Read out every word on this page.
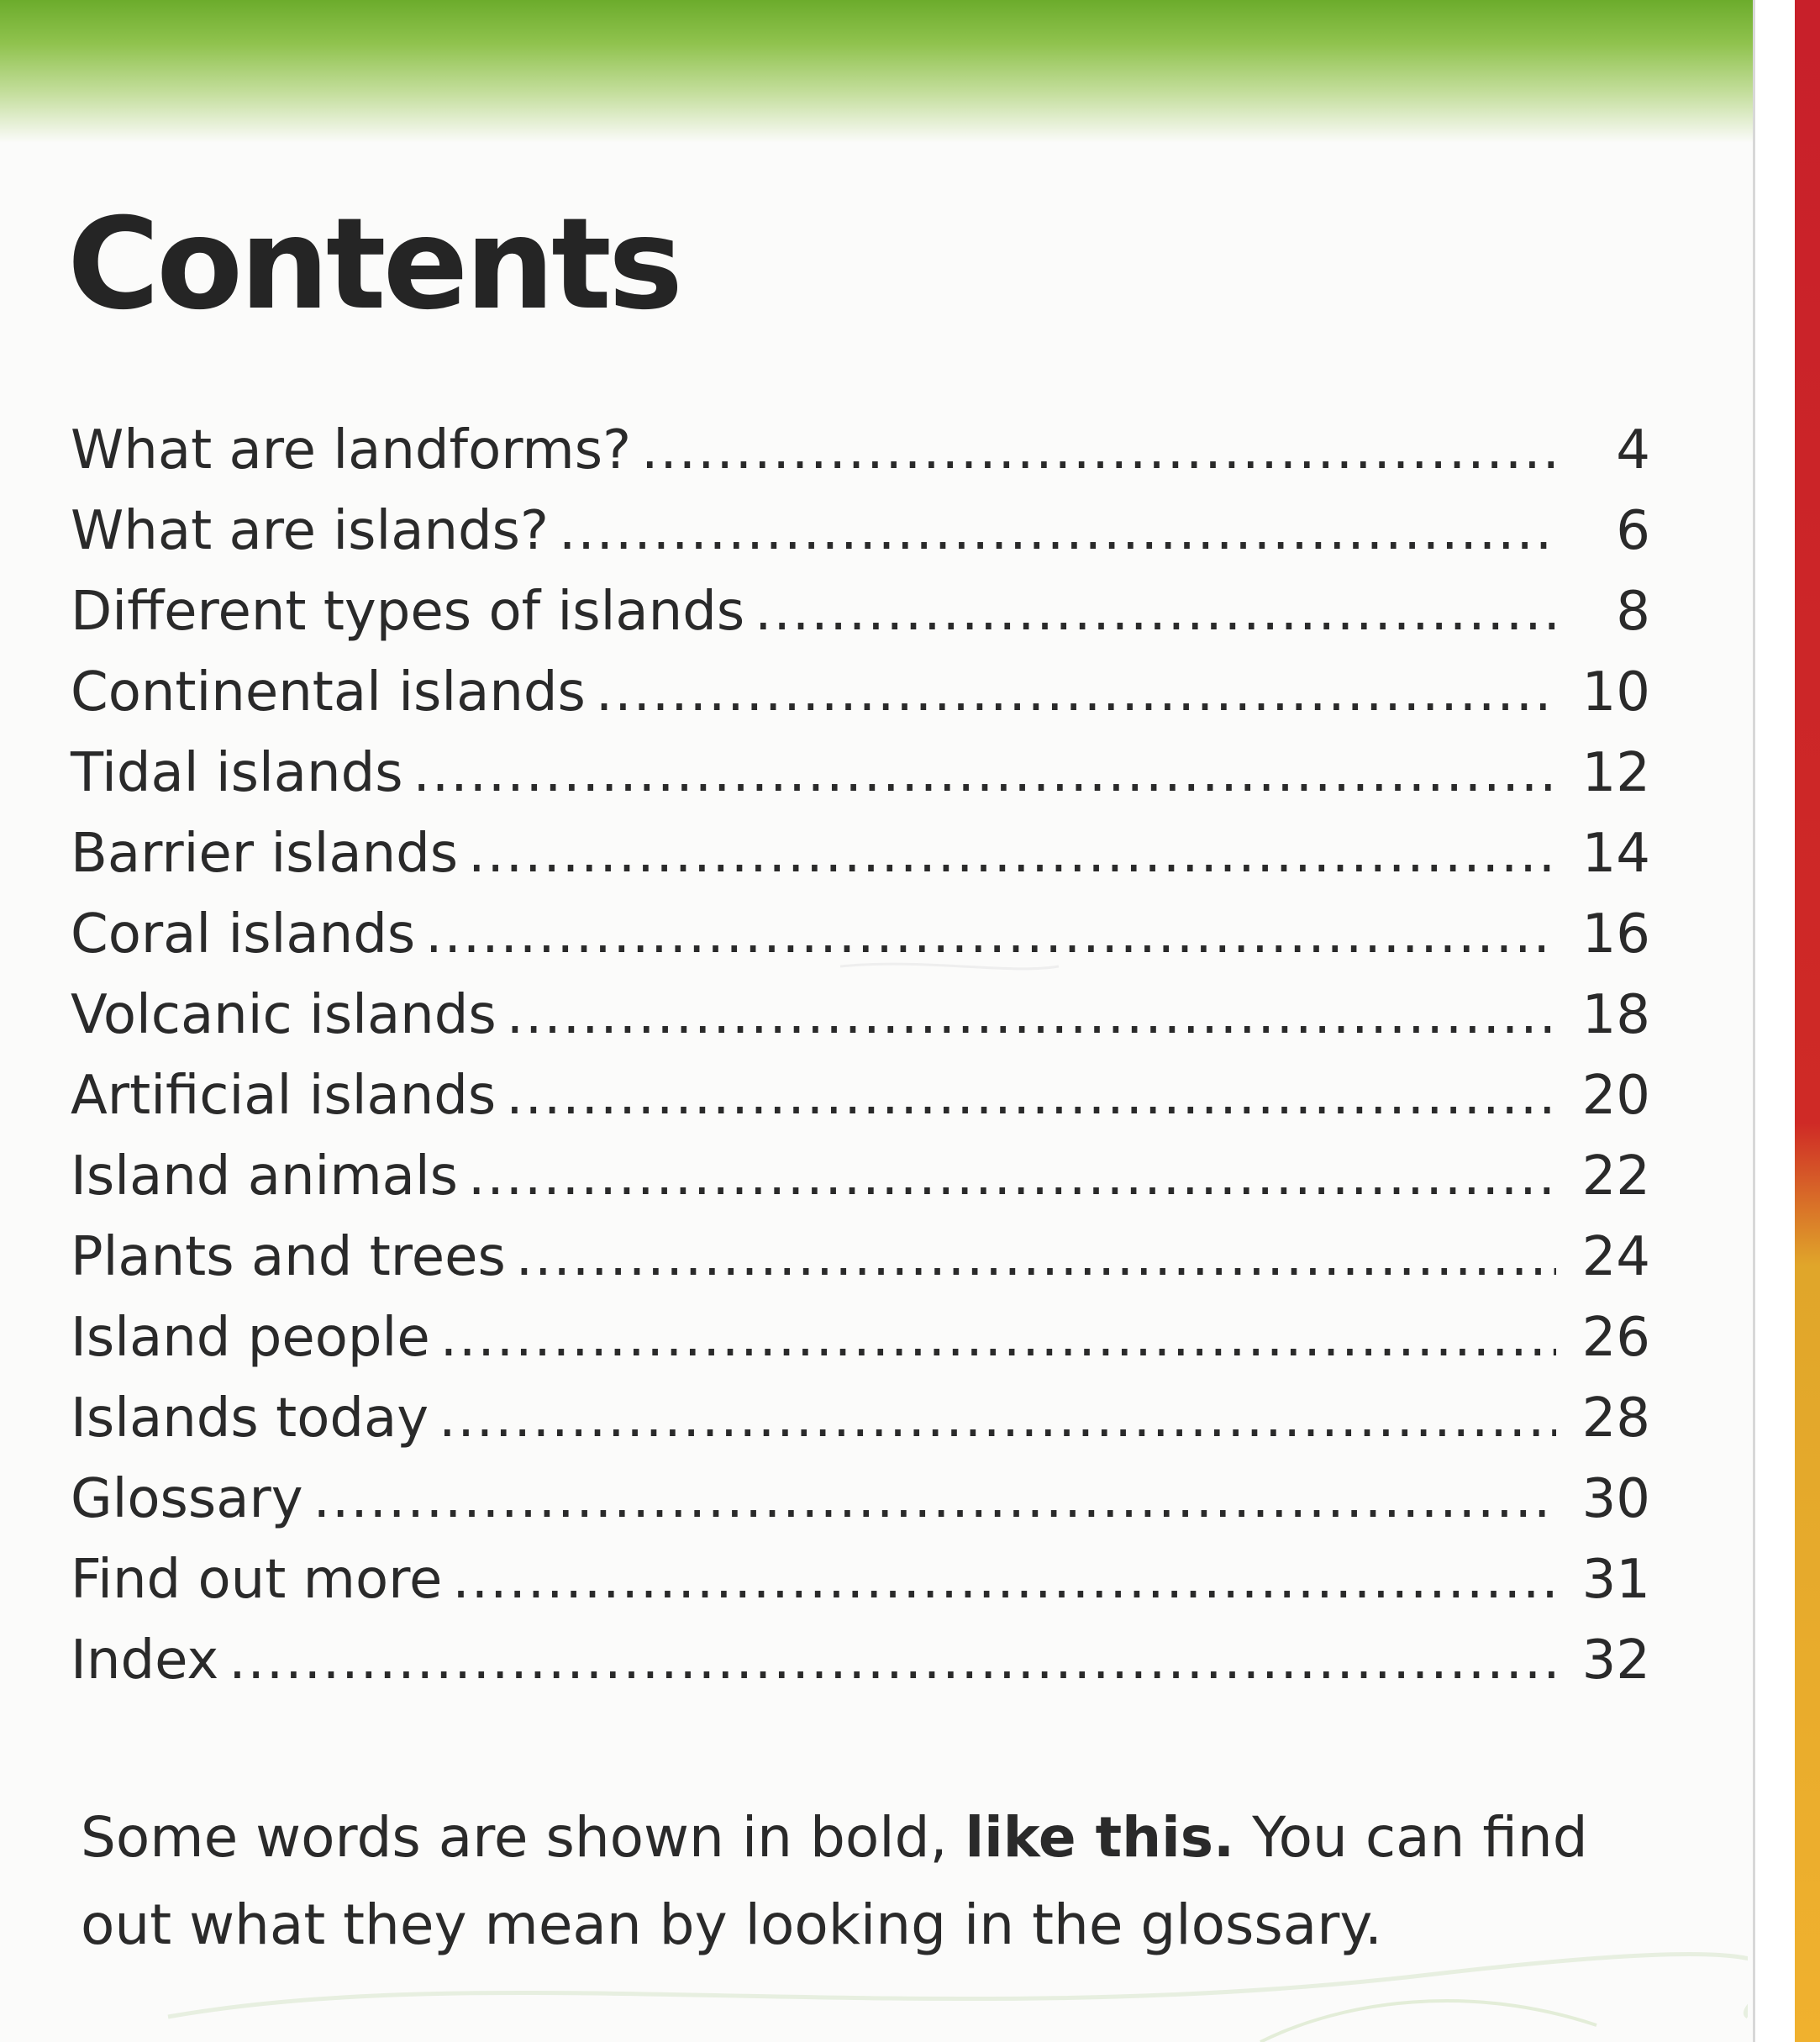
Contents
What are landforms? .....	4
What are islands? .....	6
Different types of islands .....	8
Continental islands .....	10
Tidal islands .....	12
Barrier islands .....	14
Coral islands .....	16
Volcanic islands .....	18
Artificial islands .....	20
Island animals .....	22
Plants and trees .....	24
Island people .....	26
Islands today .....	28
Glossary .....	30
Find out more .....	31
Index .....	32

Some words are shown in bold, like this. You can find out what they mean by looking in the glossary.
